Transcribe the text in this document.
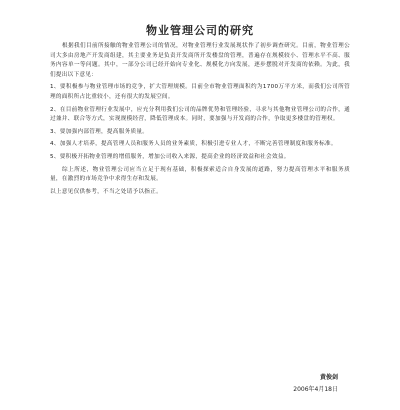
物业管理公司的研究

根据我们目前所接触的物业管理公司的情况，对物业管理行业发展现状作了初步调查研究。目前，物业管理公司大多由房地产开发商组建，其主要业务是负责开发商所开发楼盘的管理，普遍存在规模较小、管理水平不高、服务内容单一等问题。其中，一部分公司已经开始向专业化、规模化方向发展，逐步摆脱对开发商的依赖。为此，我们提出以下意见：

1、要积极参与物业管理市场的竞争，扩大管理规模。目前全市物业管理面积约为1700万平方米，而我们公司所管理的面积所占比重较小，还有很大的发展空间。

2、在目前物业管理行业发展中，应充分利用我们公司的品牌优势和管理经验，寻求与其他物业管理公司的合作，通过兼并、联合等方式，实现规模经营，降低管理成本。同时，要加强与开发商的合作，争取更多楼盘的管理权。

3、要加强内部管理，提高服务质量。

4、加强人才培养，提高管理人员和服务人员的业务素质，积极引进专业人才，不断完善管理制度和服务标准。

5、要积极开拓物业管理的增值服务，增加公司收入来源，提高企业的经济效益和社会效益。

综上所述，物业管理公司应当立足于现有基础，积极探索适合自身发展的道路，努力提高管理水平和服务质量，在激烈的市场竞争中求得生存和发展。

以上意见仅供参考，不当之处请予以指正。

黄俊剑
2006年4月18日
